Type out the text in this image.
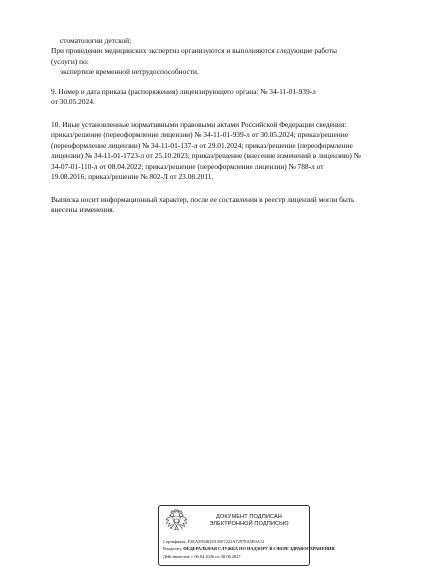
стоматологии детской;
При проведении медицинских экспертиз организуются и выполняются следующие работы
(услуги) по:
экспертизе временной нетрудоспособности.
9. Номер и дата приказа (распоряжения) лицензирующего органа: № 34-11-01-939-л
от 30.05.2024.
10. Иные установленные нормативными правовыми актами Российской Федерации сведения:
приказ/решение (переоформление лицензии) № 34-11-01-939-л от 30.05.2024; приказ/решение
(переоформление лицензии) № 34-11-01-137-л от 29.01.2024; приказ/решение (переоформление
лицензии) № 34-11-01-1723-л от 25.10.2023; приказ/решение (внесение изменений в лицензию) №
34-07-01-110-л от 08.04.2022; приказ/решение (переоформление лицензии) № 788-л от
19.08.2016; приказ/решение № 802-Л от 23.08.2011.
Выписка носит информационный характер, после ее составления в реестр лицензий могли быть
внесены изменения.
ДОКУМЕНТ ПОДПИСАН
ЭЛЕКТРОННОЙ ПОДПИСЬЮ
Сертификат: F2EA5954818A35F7222A72978A5E0A12
Владелец: ФЕДЕРАЛЬНАЯ СЛУЖБА ПО НАДЗОРУ В СФЕРЕ ЗДРАВООХРАНЕНИЯ
Действителен: с 06.04.2026 по 30.06.2027
